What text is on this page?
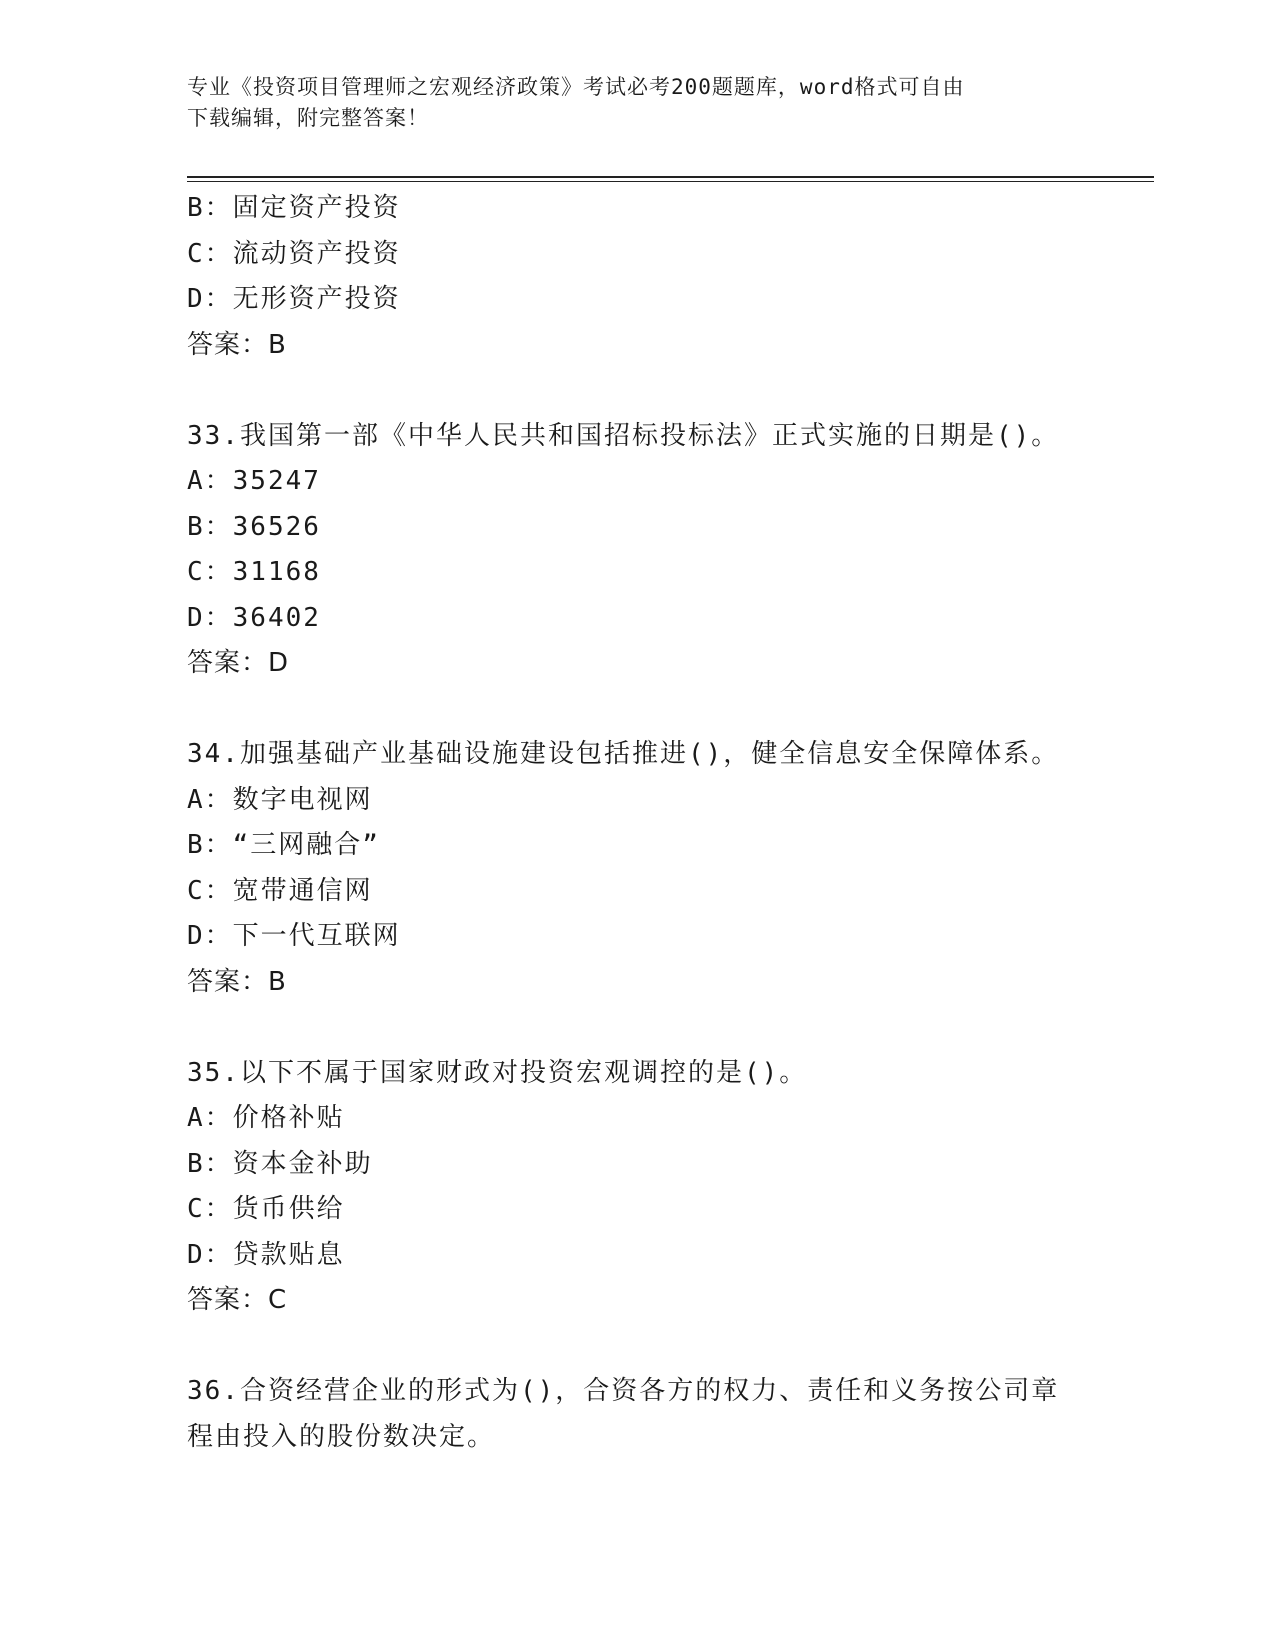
专业《投资项目管理师之宏观经济政策》考试必考200题题库，word格式可自由
下载编辑，附完整答案！
B：固定资产投资
C：流动资产投资
D：无形资产投资
答案：B
33.我国第一部《中华人民共和国招标投标法》正式实施的日期是()。
A：35247
B：36526
C：31168
D：36402
答案：D
34.加强基础产业基础设施建设包括推进()，健全信息安全保障体系。
A：数字电视网
B：“三网融合”
C：宽带通信网
D：下一代互联网
答案：B
35.以下不属于国家财政对投资宏观调控的是()。
A：价格补贴
B：资本金补助
C：货币供给
D：贷款贴息
答案：C
36.合资经营企业的形式为()，合资各方的权力、责任和义务按公司章
程由投入的股份数决定。
